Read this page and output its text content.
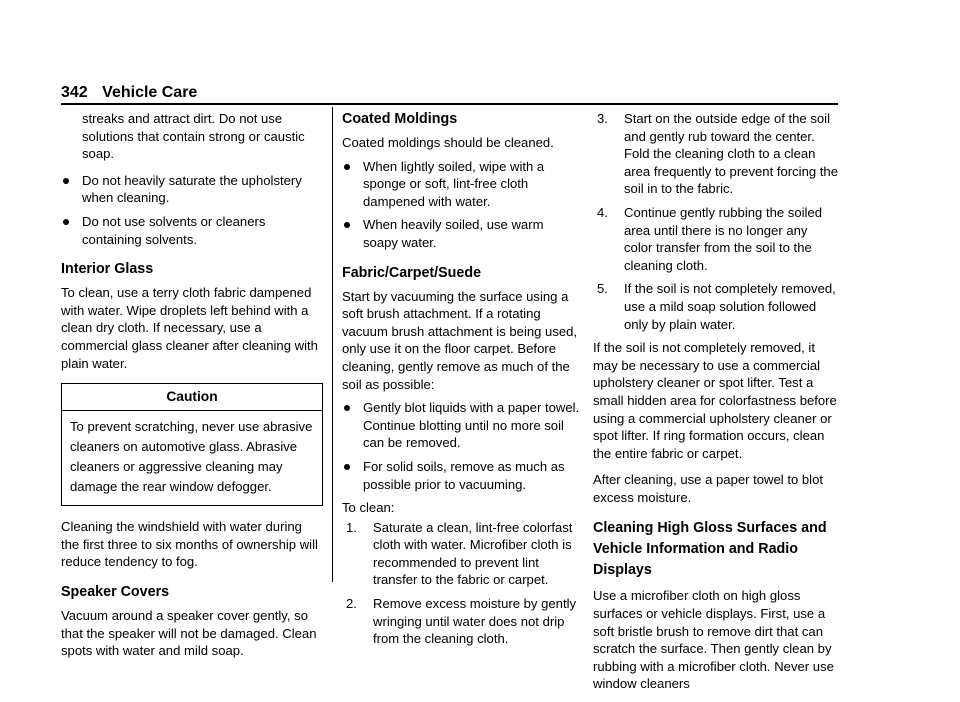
342 Vehicle Care

streaks and attract dirt. Do not use solutions that contain strong or caustic soap.

Do not heavily saturate the upholstery when cleaning.
Do not use solvents or cleaners containing solvents.
Interior Glass

To clean, use a terry cloth fabric dampened with water. Wipe droplets left behind with a clean dry cloth. If necessary, use a commercial glass cleaner after cleaning with plain water.

Caution
To prevent scratching, never use abrasive cleaners on automotive glass. Abrasive cleaners or aggressive cleaning may damage the rear window defogger.

Cleaning the windshield with water during the first three to six months of ownership will reduce tendency to fog.

Speaker Covers

Vacuum around a speaker cover gently, so that the speaker will not be damaged. Clean spots with water and mild soap.

Coated Moldings

Coated moldings should be cleaned.

When lightly soiled, wipe with a sponge or soft, lint-free cloth dampened with water.
When heavily soiled, use warm soapy water.
Fabric/Carpet/Suede

Start by vacuuming the surface using a soft brush attachment. If a rotating vacuum brush attachment is being used, only use it on the floor carpet. Before cleaning, gently remove as much of the soil as possible:

Gently blot liquids with a paper towel. Continue blotting until no more soil can be removed.
For solid soils, remove as much as possible prior to vacuuming.

To clean:

1. Saturate a clean, lint-free colorfast cloth with water. Microfiber cloth is recommended to prevent lint transfer to the fabric or carpet.
2. Remove excess moisture by gently wringing until water does not drip from the cleaning cloth.
3. Start on the outside edge of the soil and gently rub toward the center. Fold the cleaning cloth to a clean area frequently to prevent forcing the soil in to the fabric.
4. Continue gently rubbing the soiled area until there is no longer any color transfer from the soil to the cleaning cloth.
5. If the soil is not completely removed, use a mild soap solution followed only by plain water.

If the soil is not completely removed, it may be necessary to use a commercial upholstery cleaner or spot lifter. Test a small hidden area for colorfastness before using a commercial upholstery cleaner or spot lifter. If ring formation occurs, clean the entire fabric or carpet.

After cleaning, use a paper towel to blot excess moisture.

Cleaning High Gloss Surfaces and Vehicle Information and Radio Displays

Use a microfiber cloth on high gloss surfaces or vehicle displays. First, use a soft bristle brush to remove dirt that can scratch the surface. Then gently clean by rubbing with a microfiber cloth. Never use window cleaners
